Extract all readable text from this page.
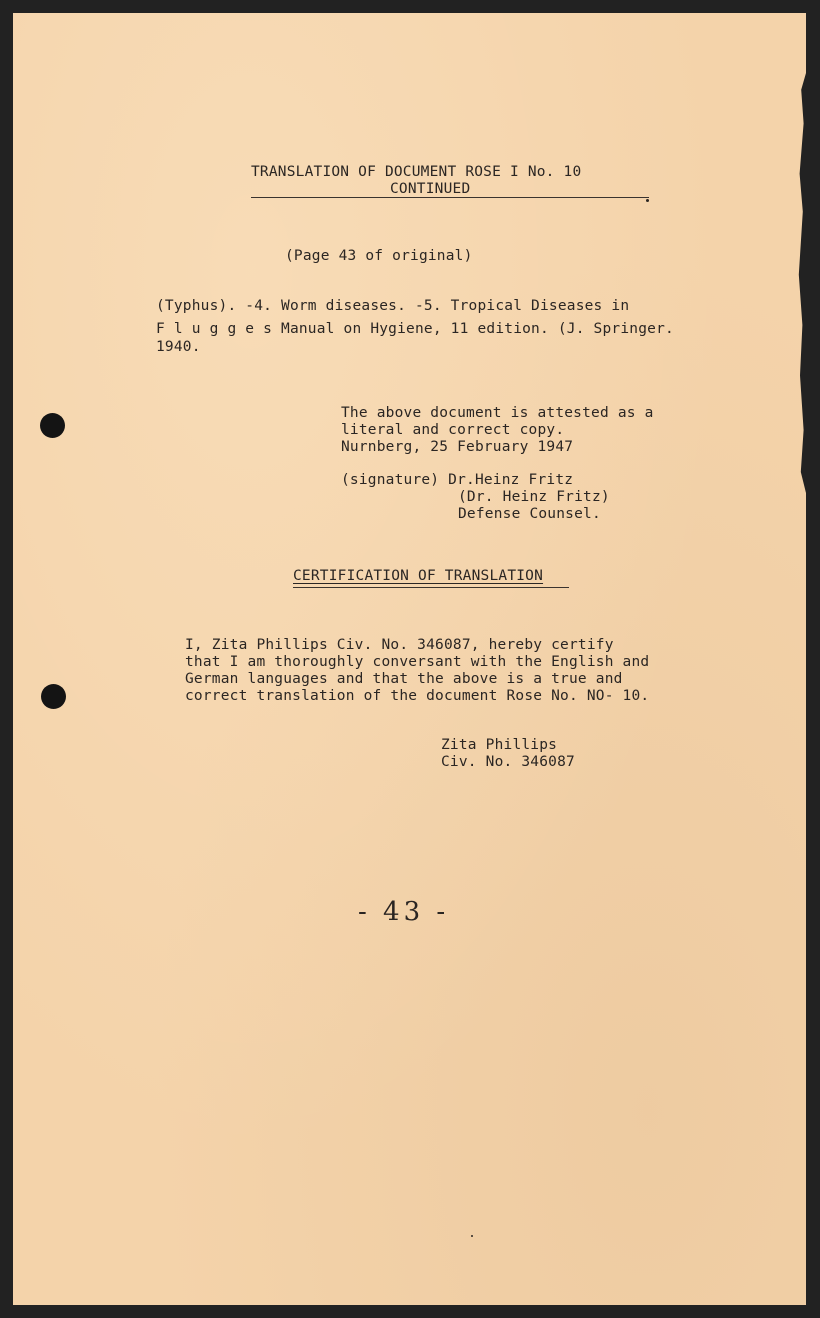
TRANSLATION OF DOCUMENT ROSE I No. 10
CONTINUED
(Page 43 of original)
(Typhus). -4. Worm diseases. -5. Tropical Diseases in
F l u g g e s Manual on Hygiene, 11 edition. (J. Springer.
1940.
The above document is attested as a
literal and correct copy.
Nurnberg, 25 February 1947
(signature) Dr.Heinz Fritz
(Dr. Heinz Fritz)
Defense Counsel.
CERTIFICATION OF TRANSLATION
I, Zita Phillips Civ. No. 346087, hereby certify
that I am thoroughly conversant with the English and
German languages and that the above is a true and
correct translation of the document Rose No. NO- 10.
Zita Phillips
Civ. No. 346087
- 43 -
